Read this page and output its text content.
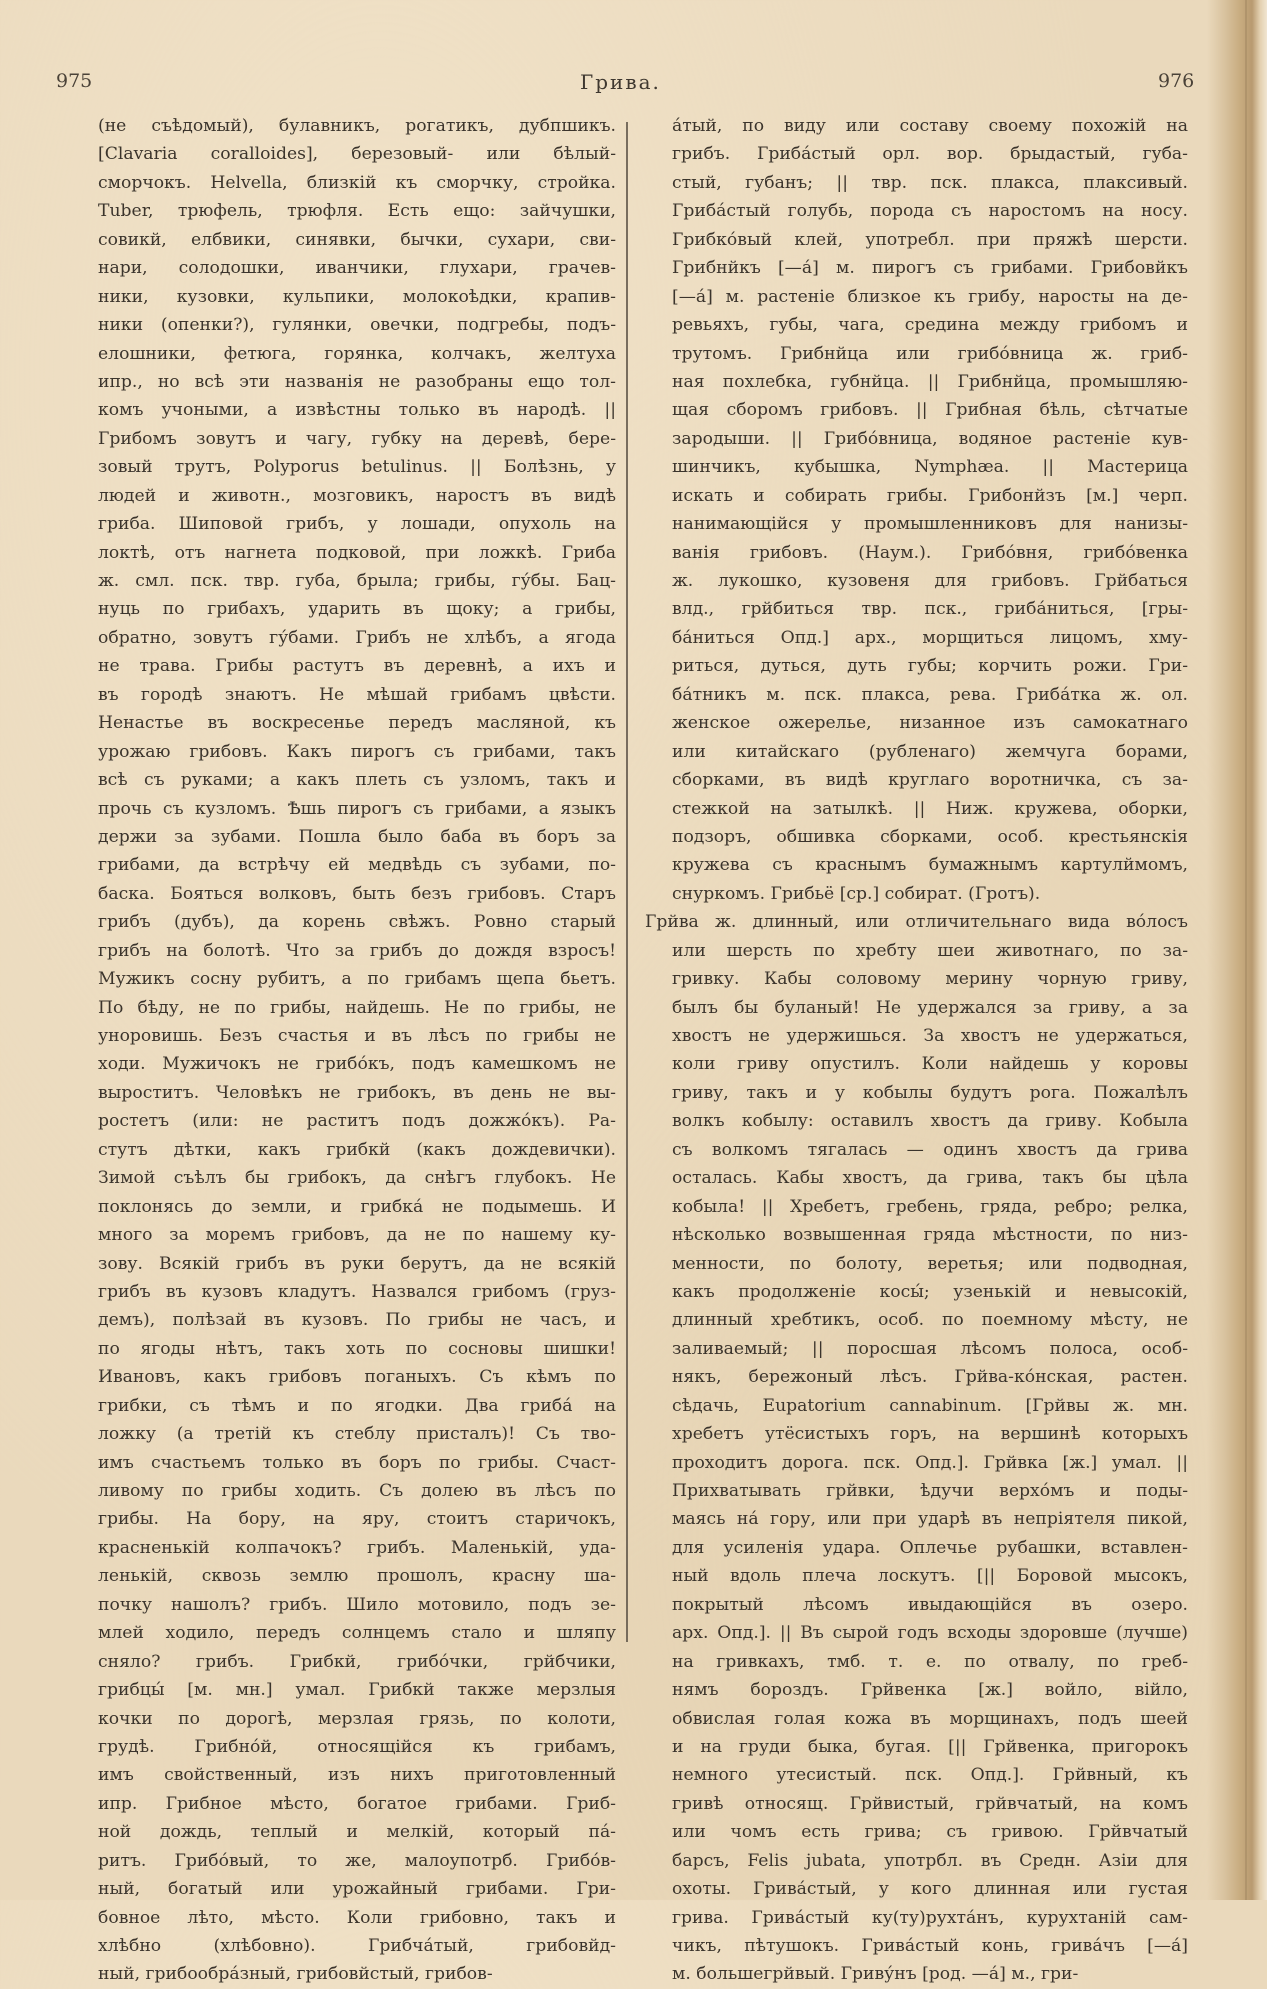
975	Грива.	976
(не съѣдомый), булавникъ, рогатикъ, дубпшикъ.
[Clavaria coralloides], березовый- или бѣлый-
сморчокъ. Helvella, близкій къ сморчку, стройка.
Tuber, трюфель, трюфля. Есть ещо: зайчушки,
совикй, елбвики, синявки, бычки, сухари, сви-
нари, солодошки, иванчики, глухари, грачев-
ники, кузовки, кульпики, молокоѣдки, крапив-
ники (опенки?), гулянки, овечки, подгребы, подъ-
елошники, фетюга, горянка, колчакъ, желтуха
ипр., но всѣ эти названія не разобраны ещо тол-
комъ учоными, а извѣстны только въ народѣ. ||
Грибомъ зовутъ и чагу, губку на деревѣ, бере-
зовый трутъ, Polyporus betulinus. || Болѣзнь, у
людей и животн., мозговикъ, наростъ въ видѣ
гриба. Шиповой грибъ, у лошади, опухоль на
локтѣ, отъ нагнета подковой, при ложкѣ. Гриба
ж. смл. пск. твр. губа, брыла; грибы, гу́бы. Бац-
нуць по грибахъ, ударить въ щоку; а грибы,
обратно, зовутъ гу́бами. Грибъ не хлѣбъ, а ягода
не трава. Грибы растутъ въ деревнѣ, а ихъ и
въ городѣ знаютъ. Не мѣшай грибамъ цвѣсти.
Ненастье въ воскресенье передъ масляной, къ
урожаю грибовъ. Какъ пирогъ съ грибами, такъ
всѣ съ руками; а какъ плеть съ узломъ, такъ и
прочь съ кузломъ. Ѣшь пирогъ съ грибами, а языкъ
держи за зубами. Пошла было баба въ боръ за
грибами, да встрѣчу ей медвѣдь съ зубами, по-
баска. Бояться волковъ, быть безъ грибовъ. Старъ
грибъ (дубъ), да корень свѣжъ. Ровно старый
грибъ на болотѣ. Что за грибъ до дождя взросъ!
Мужикъ сосну рубитъ, а по грибамъ щепа бьетъ.
По бѣду, не по грибы, найдешь. Не по грибы, не
уноровишь. Безъ счастья и въ лѣсъ по грибы не
ходи. Мужичокъ не грибо́къ, подъ камешкомъ не
выроститъ. Человѣкъ не грибокъ, въ день не вы-
ростетъ (или: не раститъ подъ дожжо́къ). Ра-
стутъ дѣтки, какъ грибкй (какъ дождевички).
Зимой съѣлъ бы грибокъ, да снѣгъ глубокъ. Не
поклонясь до земли, и грибка́ не подымешь. И
много за моремъ грибовъ, да не по нашему ку-
зову. Всякій грибъ въ руки берутъ, да не всякій
грибъ въ кузовъ кладутъ. Назвался грибомъ (груз-
демъ), полѣзай въ кузовъ. По грибы не часъ, и
по ягоды нѣтъ, такъ хоть по сосновы шишки!
Ивановъ, какъ грибовъ поганыхъ. Съ кѣмъ по
грибки, съ тѣмъ и по ягодки. Два гриба́ на
ложку (а третій къ стеблу присталъ)! Съ тво-
имъ счастьемъ только въ боръ по грибы. Счаст-
ливому по грибы ходить. Съ долею въ лѣсъ по
грибы. На бору, на яру, стоитъ старичокъ,
красненькій колпачокъ? грибъ. Маленькій, уда-
ленькій, сквозь землю прошолъ, красну ша-
почку нашолъ? грибъ. Шило мотовило, подъ зе-
млей ходило, передъ солнцемъ стало и шляпу
сняло? грибъ. Грибкй, грибо́чки, грйбчики,
грибцы́ [м. мн.] умал. Грибкй также мерзлыя
кочки по дорогѣ, мерзлая грязь, по колоти,
грудѣ. Грибно́й, относящійся къ грибамъ,
имъ свойственный, изъ нихъ приготовленный
ипр. Грибное мѣсто, богатое грибами. Гриб-
ной дождь, теплый и мелкій, который па́-
ритъ. Грибо́вый, то же, малоупотрб. Грибо́в-
ный, богатый или урожайный грибами. Гри-
бовное лѣто, мѣсто. Коли грибовно, такъ и
хлѣбно (хлѣбовно). Грибча́тый, грибовйд-
ный, грибообра́зный, грибовйстый, грибов-
а́тый, по виду или составу своему похожій на
грибъ. Гриба́стый орл. вор. брыдастый, губа-
стый, губанъ; || твр. пск. плакса, плаксивый.
Гриба́стый голубь, порода съ наростомъ на носу.
Грибко́вый клей, употребл. при пряжѣ шерсти.
Грибнйкъ [—а́] м. пирогъ съ грибами. Грибовйкъ
[—а́] м. растеніе близкое къ грибу, наросты на де-
ревьяхъ, губы, чага, средина между грибомъ и
трутомъ. Грибнйца или грибо́вница ж. гриб-
ная похлебка, губнйца. || Грибнйца, промышляю-
щая сборомъ грибовъ. || Грибная бѣль, сѣтчатые
зародыши. || Грибо́вница, водяное растеніе кув-
шинчикъ, кубышка, Nymphæa. || Мастерица
искать и собирать грибы. Грибонйзъ [м.] черп.
нанимающійся у промышленниковъ для нанизы-
ванія грибовъ. (Наум.). Грибо́вня, грибо́венка
ж. лукошко, кузовеня для грибовъ. Грйбаться
влд., грйбиться твр. пск., гриба́ниться, [гры-
ба́ниться Опд.] арх., морщиться лицомъ, хму-
риться, дуться, дуть губы; корчить рожи. Гри-
ба́тникъ м. пск. плакса, рева. Гриба́тка ж. ол.
женское ожерелье, низанное изъ самокатнаго
или китайскаго (рубленаго) жемчуга борами,
сборками, въ видѣ круглаго воротничка, съ за-
стежкой на затылкѣ. || Ниж. кружева, оборки,
подзоръ, обшивка сборками, особ. крестьянскія
кружева съ краснымъ бумажнымъ картулймомъ,
снуркомъ. Грибьё [ср.] собират. (Гротъ).
Грйва ж. длинный, или отличительнаго вида во́лосъ
или шерсть по хребту шеи животнаго, по за-
гривку. Кабы соловому мерину чорную гриву,
былъ бы буланый! Не удержался за гриву, а за
хвостъ не удержишься. За хвостъ не удержаться,
коли гриву опустилъ. Коли найдешь у коровы
гриву, такъ и у кобылы будутъ рога. Пожалѣлъ
волкъ кобылу: оставилъ хвостъ да гриву. Кобыла
съ волкомъ тягалась — одинъ хвостъ да грива
осталась. Кабы хвостъ, да грива, такъ бы цѣла
кобыла! || Хребетъ, гребень, гряда, ребро; релка,
нѣсколько возвышенная гряда мѣстности, по низ-
менности, по болоту, веретья; или подводная,
какъ продолженіе косы́; узенькій и невысокій,
длинный хребтикъ, особ. по поемному мѣсту, не
заливаемый; || поросшая лѣсомъ полоса, особ-
някъ, бережоный лѣсъ. Грйва-ко́нская, растен.
сѣдачь, Eupatorium cannabinum. [Грйвы ж. мн.
хребетъ утёсистыхъ горъ, на вершинѣ которыхъ
проходитъ дорога. пск. Опд.]. Грйвка [ж.] умал. ||
Прихватывать грйвки, ѣдучи верхо́мъ и поды-
маясь на́ гору, или при ударѣ въ непріятеля пикой,
для усиленія удара. Оплечье рубашки, вставлен-
ный вдоль плеча лоскутъ. [|| Боровой мысокъ,
покрытый лѣсомъ ивыдающійся въ озеро.
арх. Опд.]. || Въ сырой годъ всходы здоровше (лучше)
на гривкахъ, тмб. т. е. по отвалу, по греб-
нямъ бороздъ. Грйвенка [ж.] войло, війло,
обвислая голая кожа въ морщинахъ, подъ шеей
и на груди быка, бугая. [|| Грйвенка, пригорокъ
немного утесистый. пск. Опд.]. Грйвный, къ
гривѣ относящ. Грйвистый, грйвчатый, на комъ
или чомъ есть грива; съ гривою. Грйвчатый
барсъ, Felis jubata, употрбл. въ Средн. Азіи для
охоты. Грива́стый, у кого длинная или густая
грива. Грива́стый ку(ту)рухта́нъ, курухтаній сам-
чикъ, пѣтушокъ. Грива́стый конь, грива́чъ [—а́]
м. большегрйвый. Гриву́нъ [род. —а́] м., гри-
